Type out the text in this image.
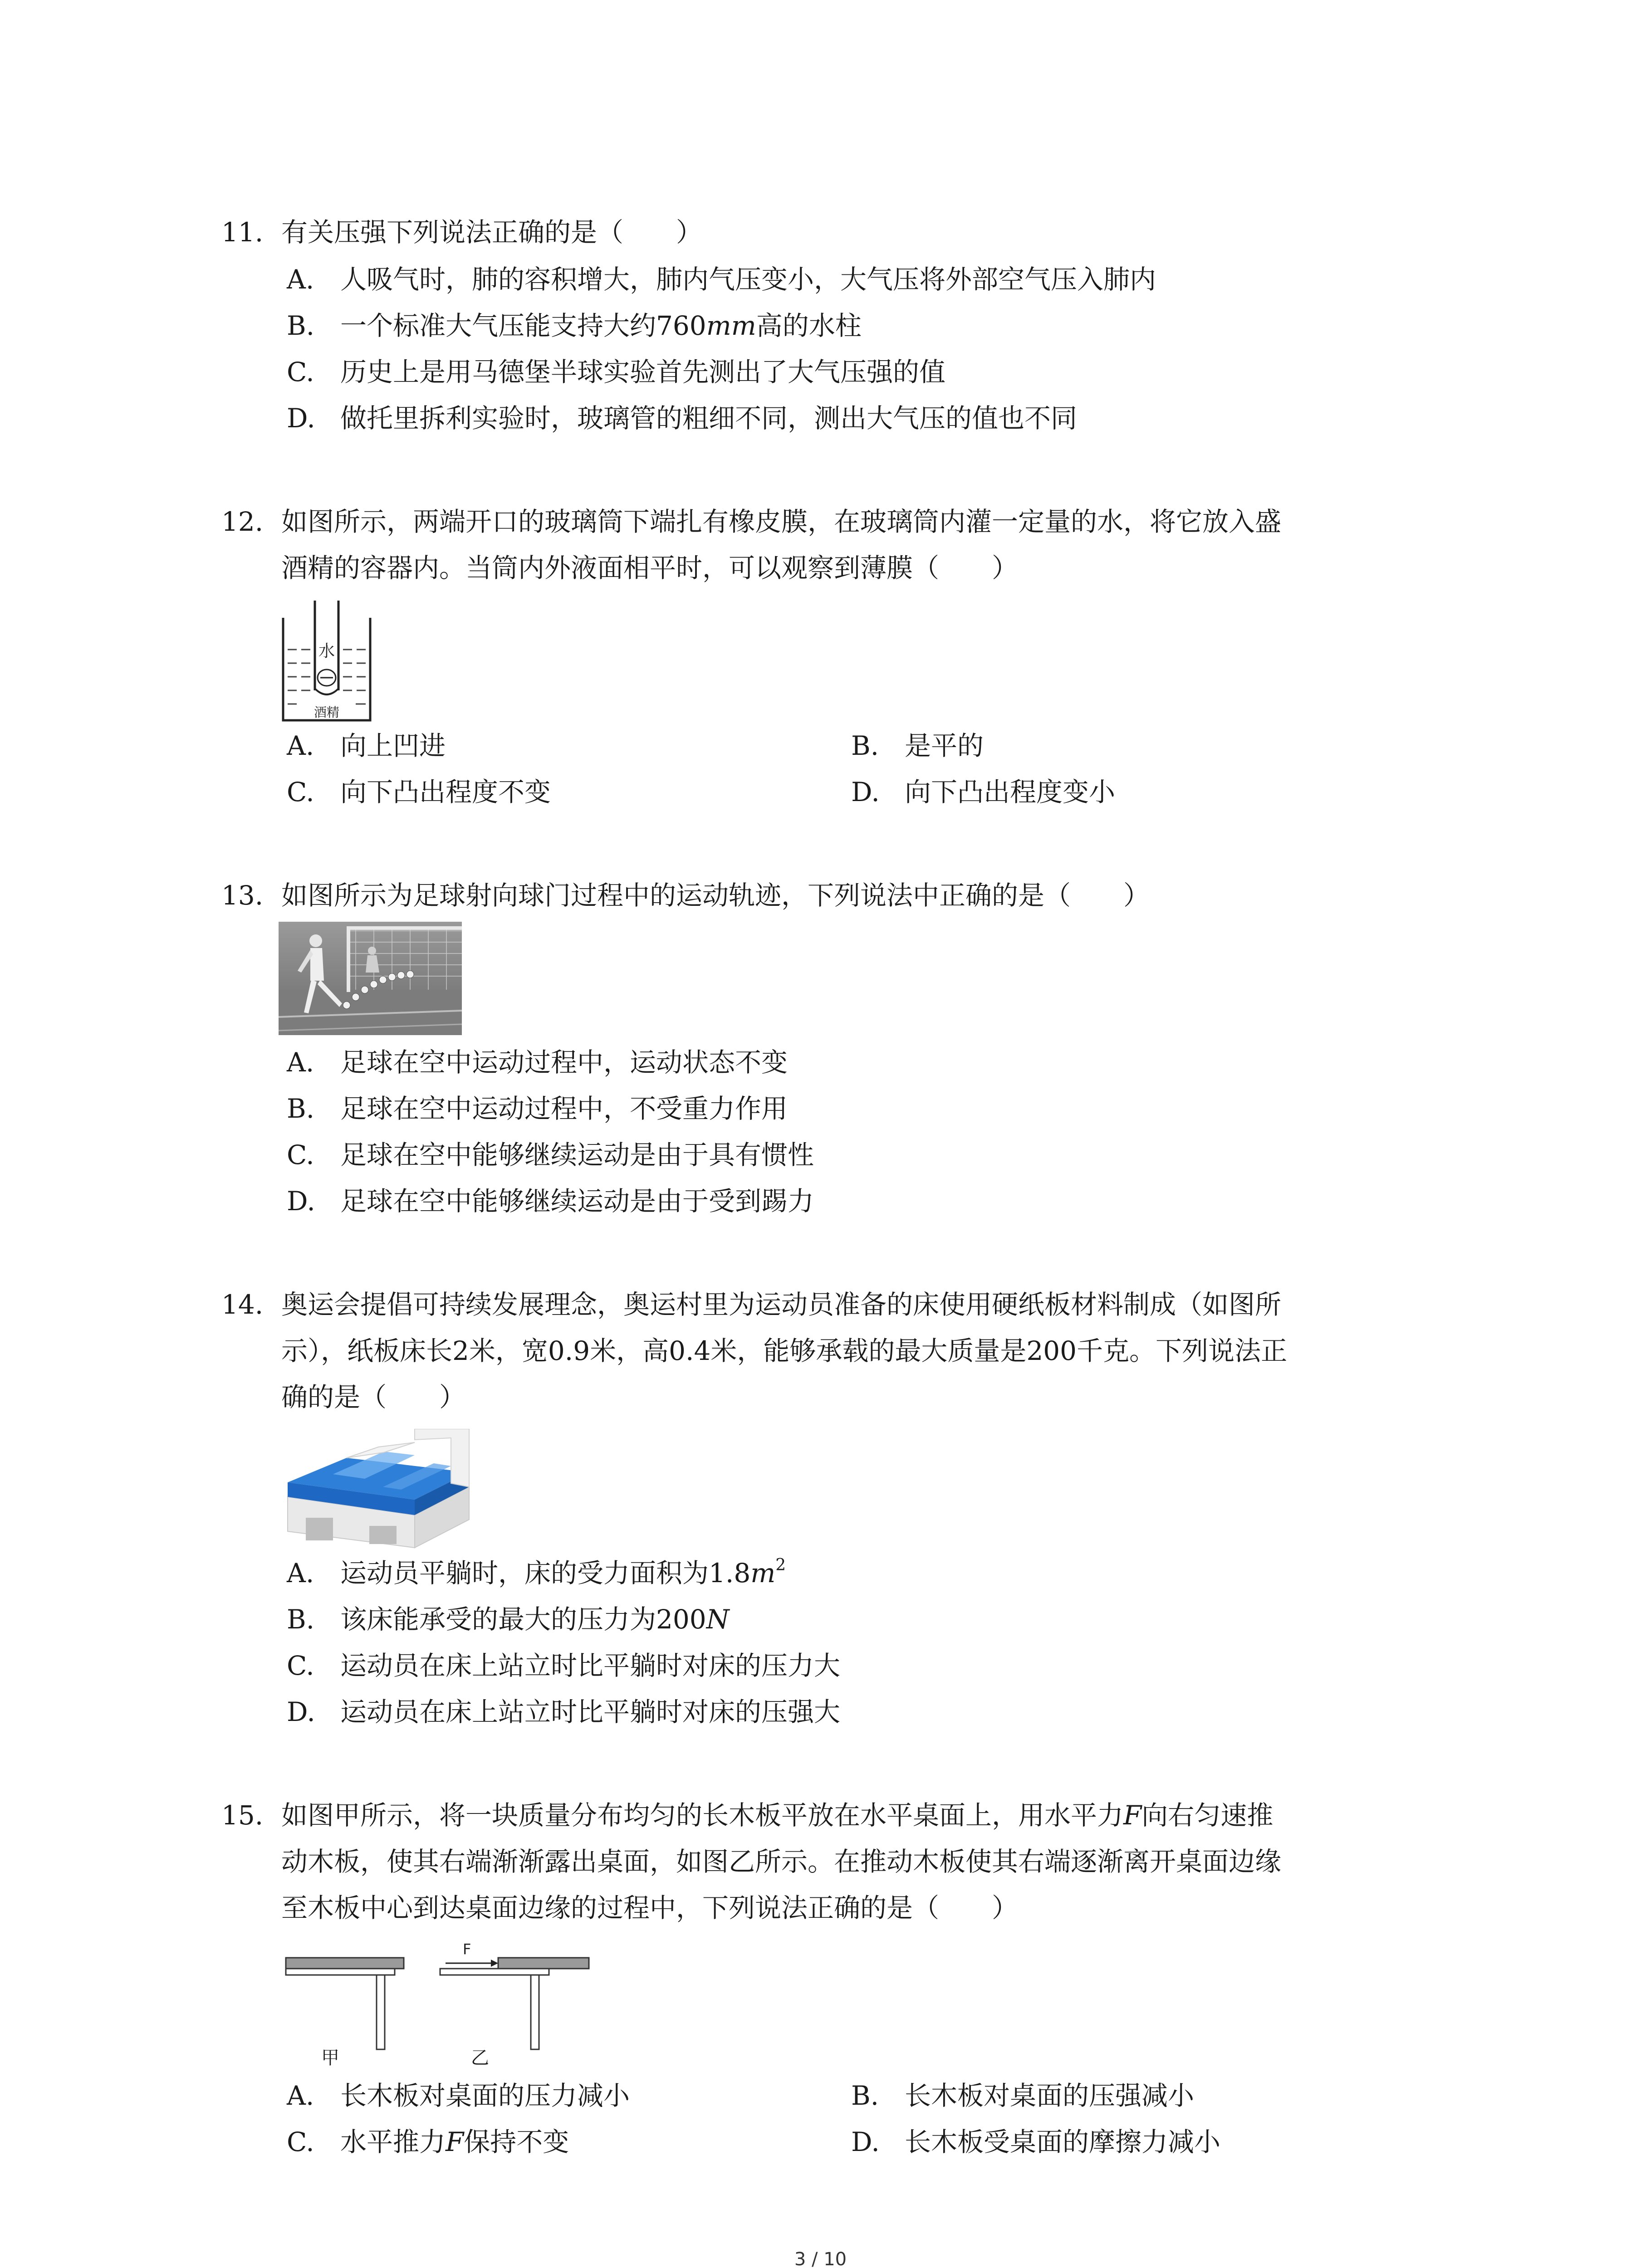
11. 有关压强下列说法正确的是（　　）
A. 人吸气时，肺的容积增大，肺内气压变小，大气压将外部空气压入肺内
B. 一个标准大气压能支持大约760mm高的水柱
C. 历史上是用马德堡半球实验首先测出了大气压强的值
D. 做托里拆利实验时，玻璃管的粗细不同，测出大气压的值也不同
12. 如图所示，两端开口的玻璃筒下端扎有橡皮膜，在玻璃筒内灌一定量的水，将它放入盛
酒精的容器内。当筒内外液面相平时，可以观察到薄膜（　　）
水
酒精
A. 向上凹进	B. 是平的
C. 向下凸出程度不变	D. 向下凸出程度变小
13. 如图所示为足球射向球门过程中的运动轨迹，下列说法中正确的是（　　）
A. 足球在空中运动过程中，运动状态不变
B. 足球在空中运动过程中，不受重力作用
C. 足球在空中能够继续运动是由于具有惯性
D. 足球在空中能够继续运动是由于受到踢力
14. 奥运会提倡可持续发展理念，奥运村里为运动员准备的床使用硬纸板材料制成（如图所
示），纸板床长2米，宽0.9米，高0.4米，能够承载的最大质量是200千克。下列说法正
确的是（　　）
A. 运动员平躺时，床的受力面积为$1.8m^2$
B. 该床能承受的最大的压力为200N
C. 运动员在床上站立时比平躺时对床的压力大
D. 运动员在床上站立时比平躺时对床的压强大
15. 如图甲所示，将一块质量分布均匀的长木板平放在水平桌面上，用水平力F向右匀速推
动木板，使其右端渐渐露出桌面，如图乙所示。在推动木板使其右端逐渐离开桌面边缘
至木板中心到达桌面边缘的过程中，下列说法正确的是（　　）
F
甲	乙
A. 长木板对桌面的压力减小	B. 长木板对桌面的压强减小
C. 水平推力F保持不变	D. 长木板受桌面的摩擦力减小
3 / 10
